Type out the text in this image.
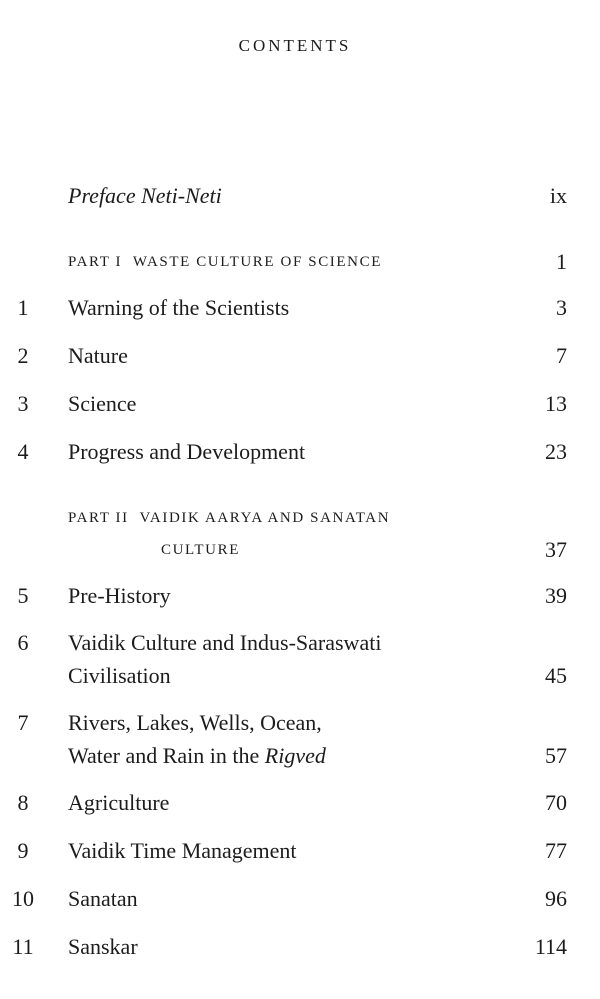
CONTENTS
Preface Neti-Neti	ix
PART I WASTE CULTURE OF SCIENCE	1
1	Warning of the Scientists	3
2	Nature	7
3	Science	13
4	Progress and Development	23
PART II VAIDIK AARYA AND SANATAN
CULTURE	37
5	Pre-History	39
6	Vaidik Culture and Indus-Saraswati
Civilisation	45
7	Rivers, Lakes, Wells, Ocean,
Water and Rain in the Rigved	57
8	Agriculture	70
9	Vaidik Time Management	77
10	Sanatan	96
11	Sanskar	114
